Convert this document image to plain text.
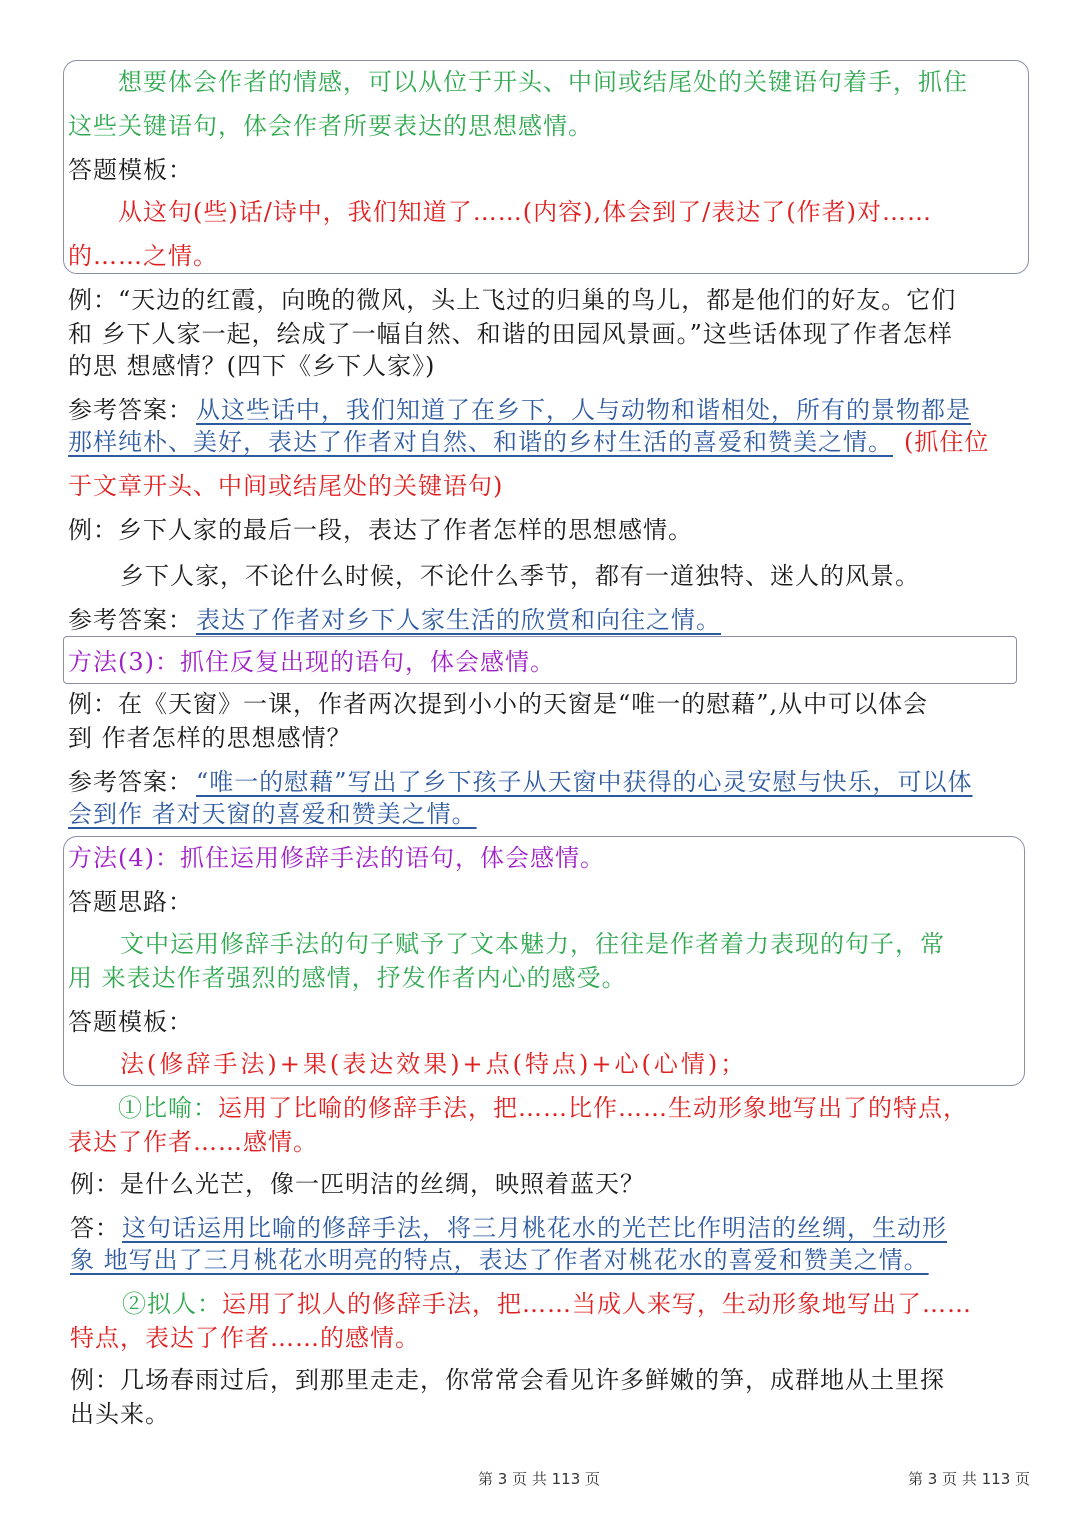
想要体会作者的情感，可以从位于开头、中间或结尾处的关键语句着手，抓住
这些关键语句，体会作者所要表达的思想感情。
答题模板：
从这句(些)话/诗中，我们知道了……(内容),体会到了/表达了(作者)对……
的……之情。
例：“天边的红霞，向晚的微风，头上飞过的归巢的鸟儿，都是他们的好友。它们
和 乡下人家一起，绘成了一幅自然、和谐的田园风景画。”这些话体现了作者怎样
的思 想感情？(四下《乡下人家》)
参考答案： 从这些话中，我们知道了在乡下，人与动物和谐相处，所有的景物都是
那样纯朴、美好，表达了作者对自然、和谐的乡村生活的喜爱和赞美之情。 (抓住位
于文章开头、中间或结尾处的关键语句)
例：乡下人家的最后一段，表达了作者怎样的思想感情。
乡下人家，不论什么时候，不论什么季节，都有一道独特、迷人的风景。
参考答案： 表达了作者对乡下人家生活的欣赏和向往之情。
方法(3)：抓住反复出现的语句，体会感情。
例：在《天窗》一课，作者两次提到小小的天窗是“唯一的慰藉”,从中可以体会
到 作者怎样的思想感情？
参考答案： “唯一的慰藉”写出了乡下孩子从天窗中获得的心灵安慰与快乐，可以体
会到作 者对天窗的喜爱和赞美之情。
方法(4)：抓住运用修辞手法的语句，体会感情。
答题思路：
文中运用修辞手法的句子赋予了文本魅力，往往是作者着力表现的句子，常
用 来表达作者强烈的感情，抒发作者内心的感受。
答题模板：
法(修辞手法)+果(表达效果)+点(特点)+心(心情)；
①比喻： 运用了比喻的修辞手法，把……比作……生动形象地写出了的特点，
表达了作者……感情。
例：是什么光芒，像一匹明洁的丝绸，映照着蓝天？
答： 这句话运用比喻的修辞手法，将三月桃花水的光芒比作明洁的丝绸，生动形
象 地写出了三月桃花水明亮的特点，表达了作者对桃花水的喜爱和赞美之情。
②拟人： 运用了拟人的修辞手法，把……当成人来写，生动形象地写出了……
特点，表达了作者……的感情。
例：几场春雨过后，到那里走走，你常常会看见许多鲜嫩的笋，成群地从土里探
出头来。
第 3 页 共 113 页	第 3 页 共 113 页
